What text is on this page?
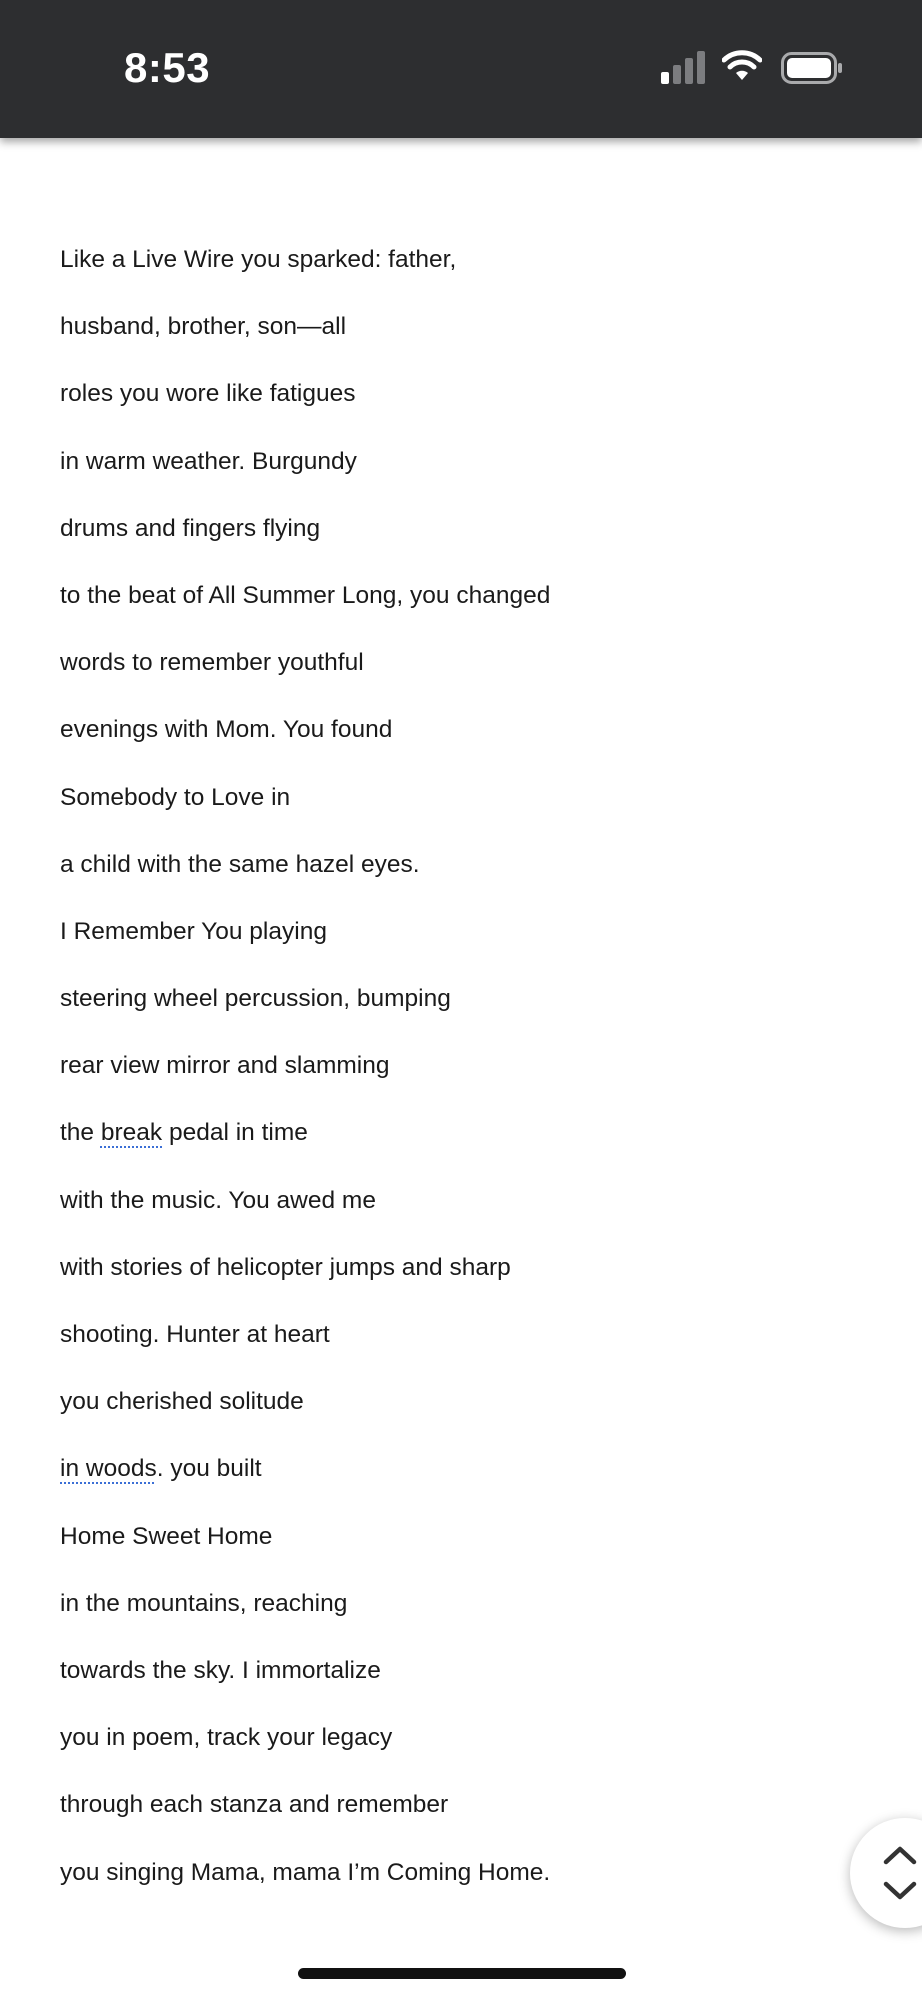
8:53
Like a Live Wire you sparked: father,
husband, brother, son—all
roles you wore like fatigues
in warm weather. Burgundy
drums and fingers flying
to the beat of All Summer Long, you changed
words to remember youthful
evenings with Mom. You found
Somebody to Love in
a child with the same hazel eyes.
I Remember You playing
steering wheel percussion, bumping
rear view mirror and slamming
the break pedal in time
with the music. You awed me
with stories of helicopter jumps and sharp
shooting. Hunter at heart
you cherished solitude
in woods. you built
Home Sweet Home
in the mountains, reaching
towards the sky. I immortalize
you in poem, track your legacy
through each stanza and remember
you singing Mama, mama I’m Coming Home.
